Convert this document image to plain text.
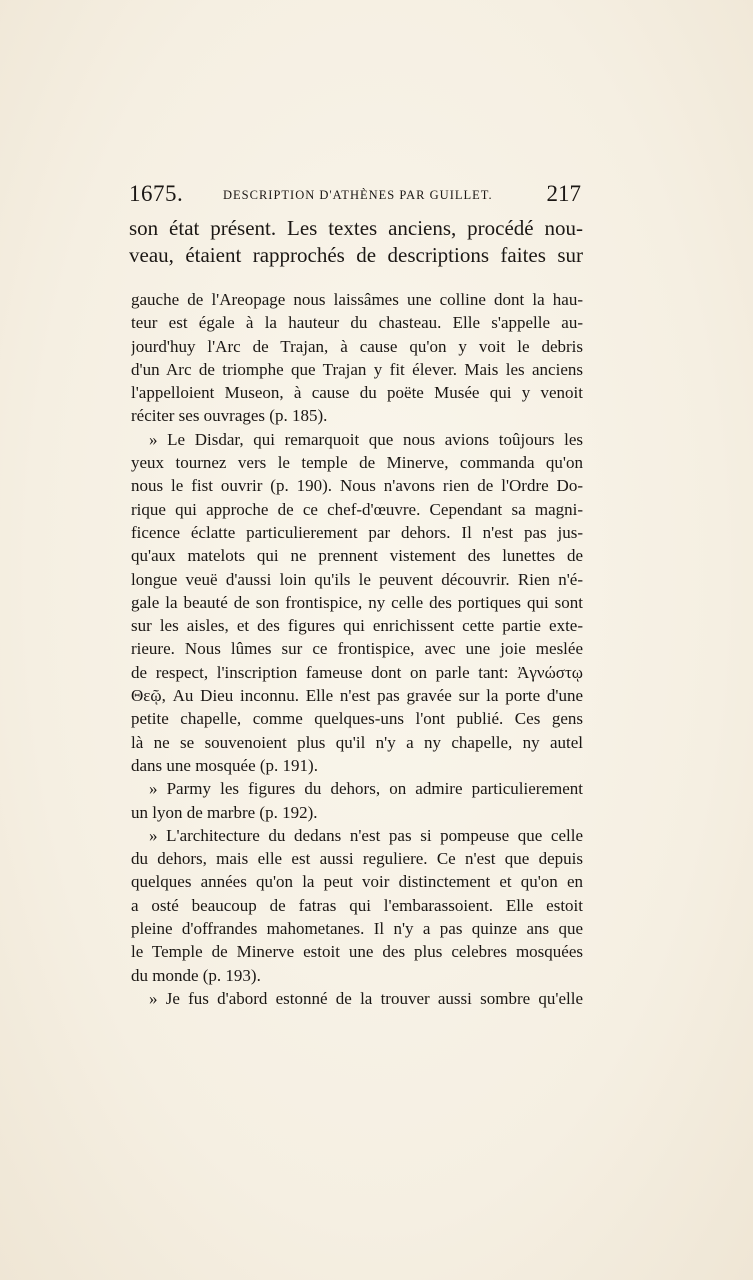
1675.	DESCRIPTION D'ATHÈNES PAR GUILLET. 217
son état présent. Les textes anciens, procédé nou-
veau, étaient rapprochés de descriptions faites sur
gauche de l'Areopage nous laissâmes une colline dont la hau-
teur est égale à la hauteur du chasteau. Elle s'appelle au-
jourd'huy l'Arc de Trajan, à cause qu'on y voit le debris
d'un Arc de triomphe que Trajan y fit élever. Mais les anciens
l'appelloient Museon, à cause du poëte Musée qui y venoit
réciter ses ouvrages (p. 185).
» Le Disdar, qui remarquoit que nous avions toûjours les
yeux tournez vers le temple de Minerve, commanda qu'on
nous le fist ouvrir (p. 190). Nous n'avons rien de l'Ordre Do-
rique qui approche de ce chef-d'œuvre. Cependant sa magni-
ficence éclatte particulierement par dehors. Il n'est pas jus-
qu'aux matelots qui ne prennent vistement des lunettes de
longue veuë d'aussi loin qu'ils le peuvent découvrir. Rien n'é-
gale la beauté de son frontispice, ny celle des portiques qui sont
sur les aisles, et des figures qui enrichissent cette partie exte-
rieure. Nous lûmes sur ce frontispice, avec une joie meslée
de respect, l'inscription fameuse dont on parle tant: Ἀγνώστῳ
Θεῷ, Au Dieu inconnu. Elle n'est pas gravée sur la porte d'une
petite chapelle, comme quelques-uns l'ont publié. Ces gens
là ne se souvenoient plus qu'il n'y a ny chapelle, ny autel
dans une mosquée (p. 191).
» Parmy les figures du dehors, on admire particulierement
un lyon de marbre (p. 192).
» L'architecture du dedans n'est pas si pompeuse que celle
du dehors, mais elle est aussi reguliere. Ce n'est que depuis
quelques années qu'on la peut voir distinctement et qu'on en
a osté beaucoup de fatras qui l'embarassoient. Elle estoit
pleine d'offrandes mahometanes. Il n'y a pas quinze ans que
le Temple de Minerve estoit une des plus celebres mosquées
du monde (p. 193).
» Je fus d'abord estonné de la trouver aussi sombre qu'elle
